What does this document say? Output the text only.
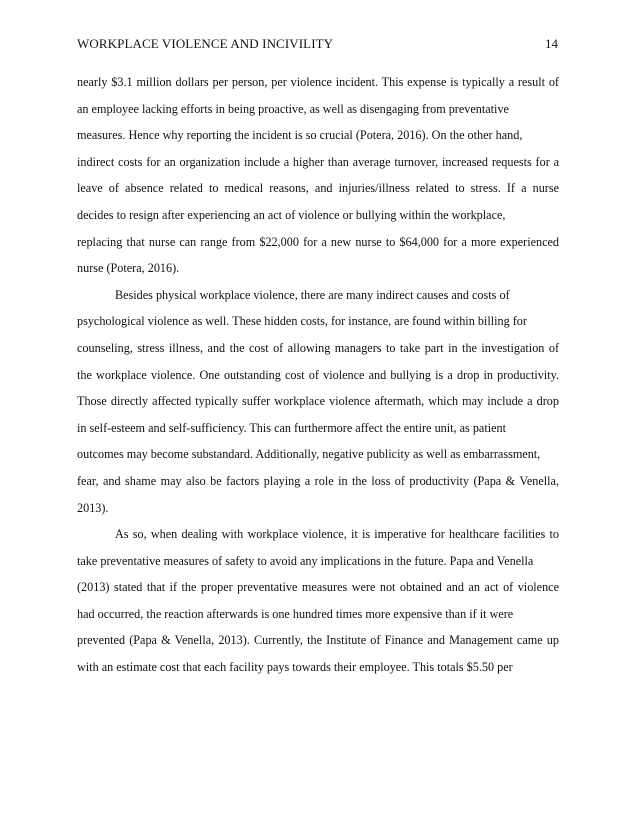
WORKPLACE VIOLENCE AND INCIVILITY	14
nearly $3.1 million dollars per person, per violence incident. This expense is typically a result of
an employee lacking efforts in being proactive, as well as disengaging from preventative
measures. Hence why reporting the incident is so crucial (Potera, 2016). On the other hand,
indirect costs for an organization include a higher than average turnover, increased requests for a
leave of absence related to medical reasons, and injuries/illness related to stress. If a nurse
decides to resign after experiencing an act of violence or bullying within the workplace,
replacing that nurse can range from $22,000 for a new nurse to $64,000 for a more experienced
nurse (Potera, 2016).
Besides physical workplace violence, there are many indirect causes and costs of
psychological violence as well. These hidden costs, for instance, are found within billing for
counseling, stress illness, and the cost of allowing managers to take part in the investigation of
the workplace violence. One outstanding cost of violence and bullying is a drop in productivity.
Those directly affected typically suffer workplace violence aftermath, which may include a drop
in self-esteem and self-sufficiency. This can furthermore affect the entire unit, as patient
outcomes may become substandard. Additionally, negative publicity as well as embarrassment,
fear, and shame may also be factors playing a role in the loss of productivity (Papa & Venella,
2013).
As so, when dealing with workplace violence, it is imperative for healthcare facilities to
take preventative measures of safety to avoid any implications in the future. Papa and Venella
(2013) stated that if the proper preventative measures were not obtained and an act of violence
had occurred, the reaction afterwards is one hundred times more expensive than if it were
prevented (Papa & Venella, 2013). Currently, the Institute of Finance and Management came up
with an estimate cost that each facility pays towards their employee. This totals $5.50 per
